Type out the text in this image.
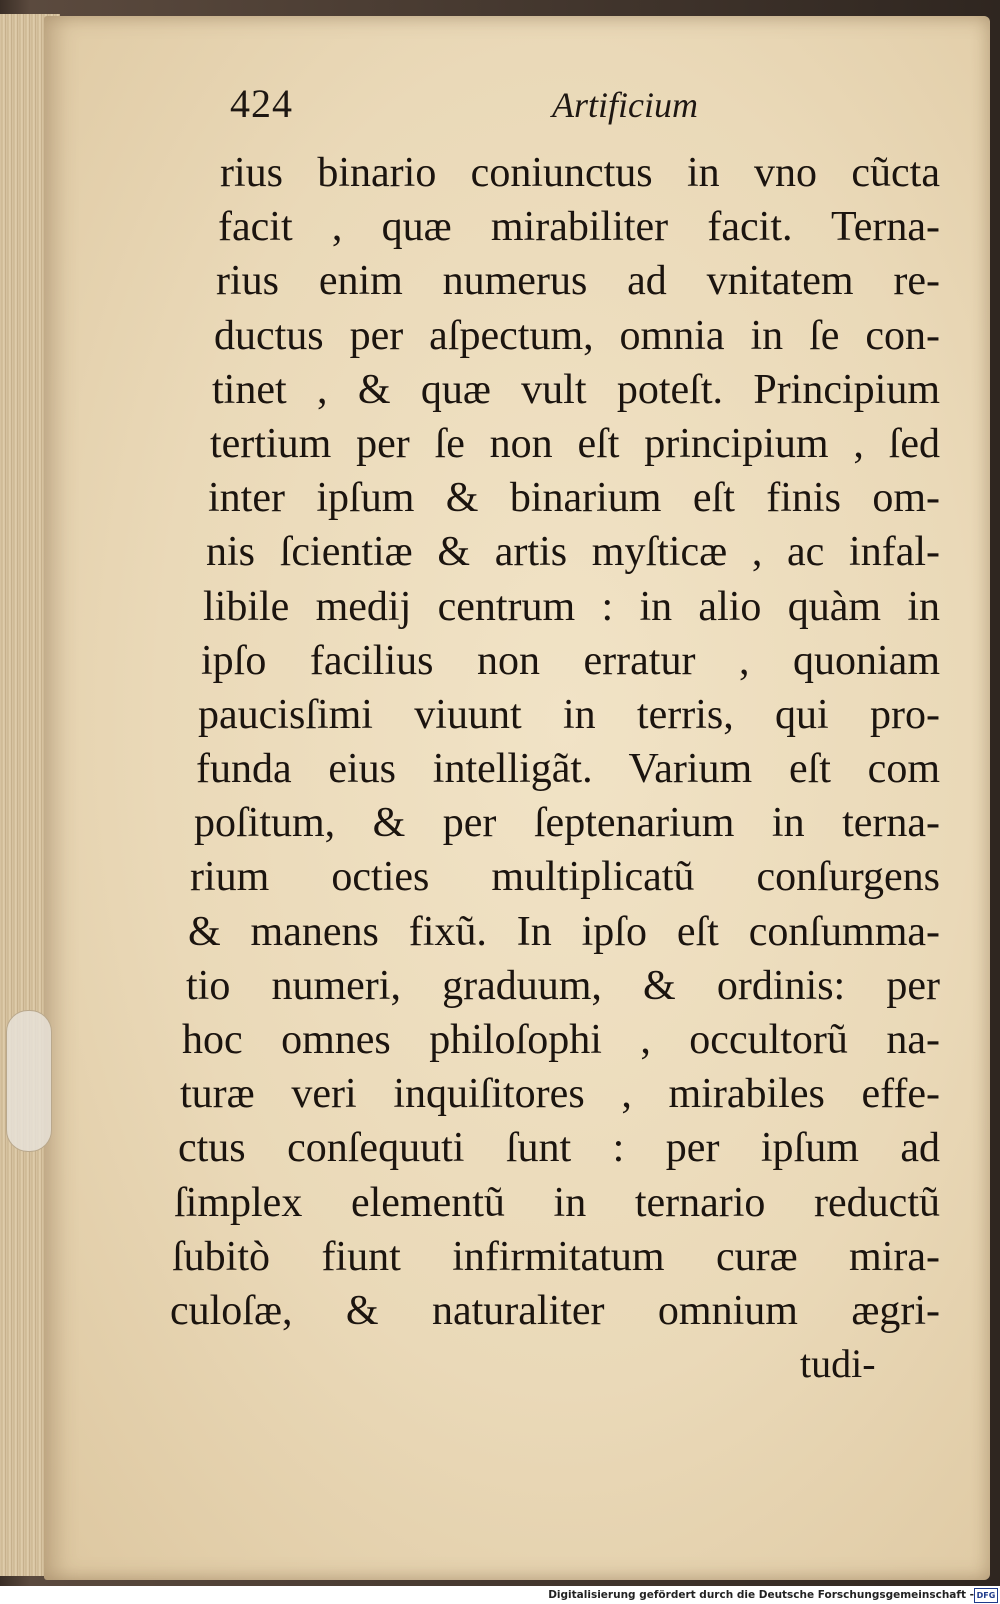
424	Artificium
rius binario coniunctus in vno cũcta
facit , quæ mirabiliter facit. Terna-
rius enim numerus ad vnitatem re-
ductus per aſpectum, omnia in ſe con-
tinet , & quæ vult poteſt. Principium
tertium per ſe non eſt principium , ſed
inter ipſum & binarium eſt finis om-
nis ſcientiæ & artis myſticæ , ac infal-
libile medij centrum : in alio quàm in
ipſo facilius non erratur , quoniam
paucisſimi viuunt in terris, qui pro-
funda eius intelligãt. Varium eſt com
poſitum, & per ſeptenarium in terna-
rium octies multiplicatũ conſurgens
& manens fixũ. In ipſo eſt conſumma-
tio numeri, graduum, & ordinis: per
hoc omnes philoſophi , occultorũ na-
turæ veri inquiſitores , mirabiles effe-
ctus conſequuti ſunt : per ipſum ad
ſimplex elementũ in ternario reductũ
ſubitò fiunt infirmitatum curæ mira-
culoſæ, & naturaliter omnium ægri-
tudi-
Digitalisierung gefördert durch die Deutsche Forschungsgemeinschaft - DFG
